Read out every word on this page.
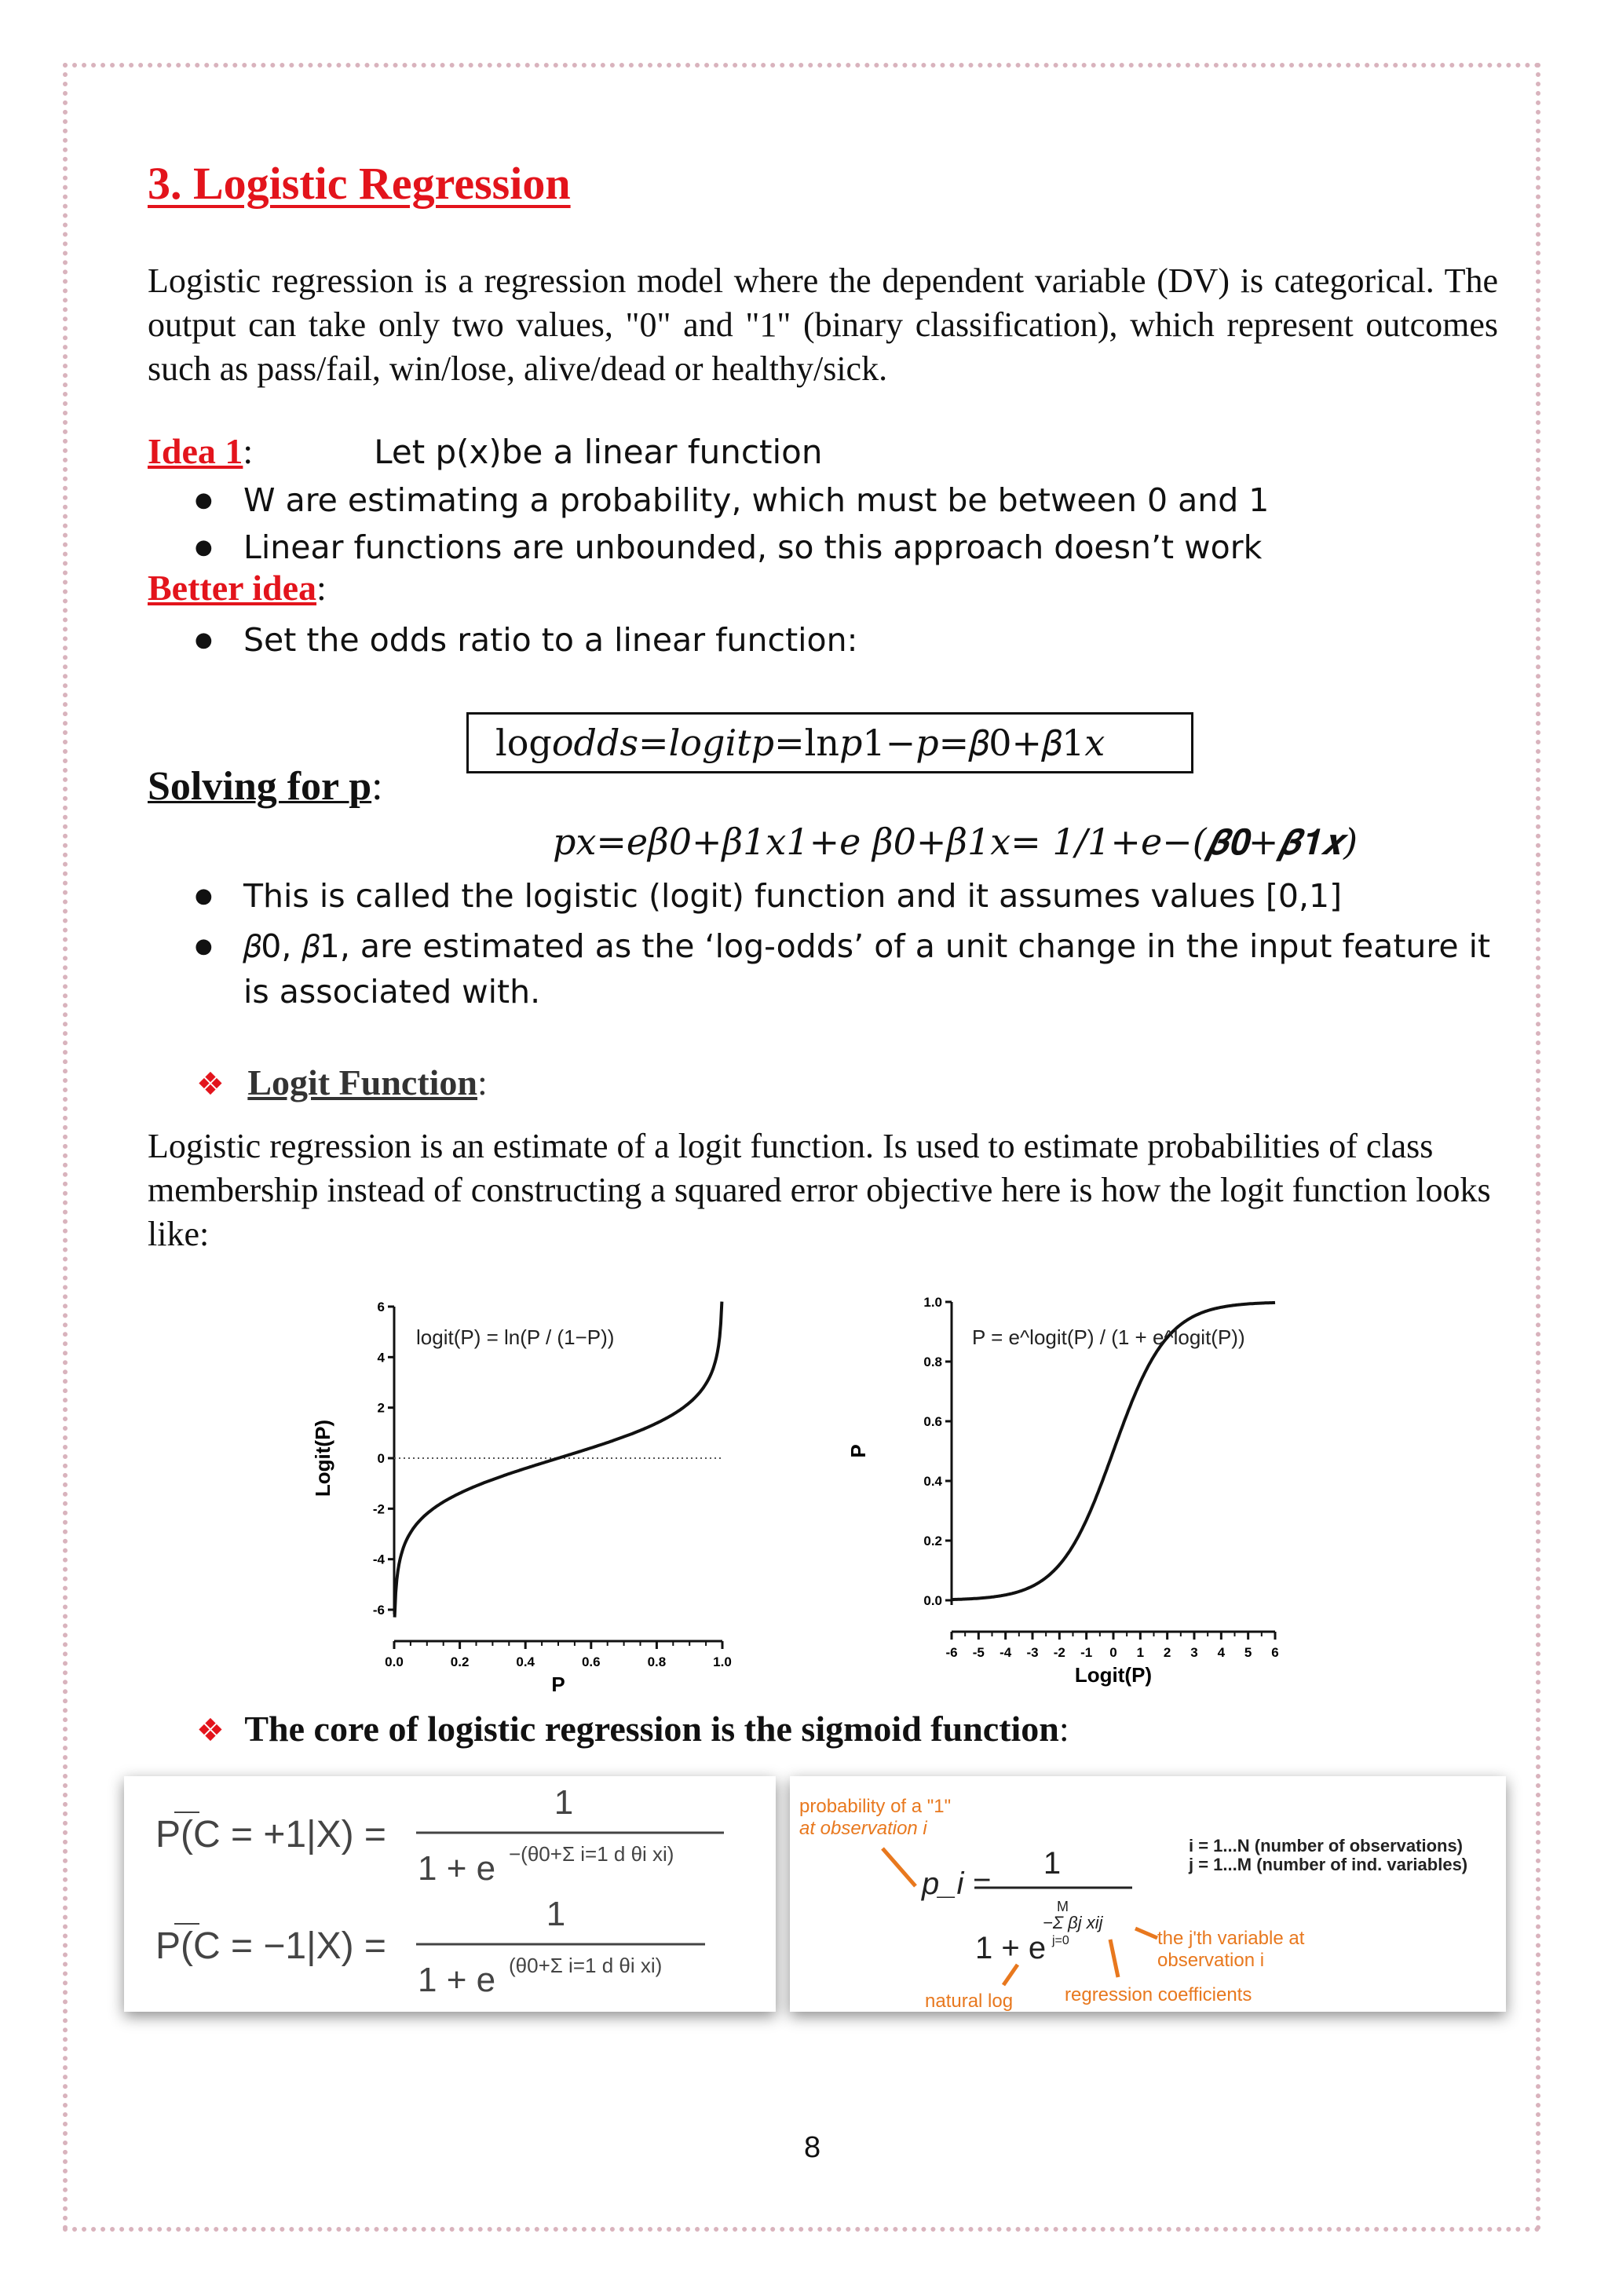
3. Logistic Regression
Logistic regression is a regression model where the dependent variable (DV) is categorical. The output can take only two values, "0" and "1" (binary classification), which represent outcomes such as pass/fail, win/lose, alive/dead or healthy/sick.
Idea 1:	Let p(x)be a linear function
● W are estimating a probability, which must be between 0 and 1
● Linear functions are unbounded, so this approach doesn’t work
Better idea:
● Set the odds ratio to a linear function:
log𝑜𝑑𝑑𝑠=𝑙𝑜𝑔𝑖𝑡𝑝=ln𝑝1−𝑝=𝛽0+𝛽1𝑥
Solving for p:
𝑝𝑥=𝑒𝛽0+𝛽1𝑥1+𝑒 𝛽0+𝛽1𝑥= 1/1+𝑒−(𝜷𝟎+𝜷𝟏𝒙)
● This is called the logistic (logit) function and it assumes values [0,1]
● 𝛽0, 𝛽1, are estimated as the ‘log-odds’ of a unit change in the input feature it is associated with.
❖ Logit Function:
Logistic regression is an estimate of a logit function. Is used to estimate probabilities of class membership instead of constructing a squared error objective here is how the logit function looks like:
6
4
2
0
-2
-4
-6
0.0	0.2	0.4	0.6	0.8	1.0
P
Logit(P)
logit(P) = ln(P / (1−P))
1.0
0.8
0.6
0.4
0.2
0.0
-6 -5 -4 -3 -2 -1 0 1 2 3 4 5 6
Logit(P)
P
P = e^logit(P) / (1 + e^logit(P))
❖ The core of logistic regression is the sigmoid function:
P(C = +1|X) =
1
1 + e −(θ0+Σ i=1 d θi xi)
P(C = −1|X) =
1
1 + e (θ0+Σ i=1 d θi xi)
probability of a "1"
at observation i
p_i =
1
1 + e
M
−Σ βj xij
j=0
i = 1...N (number of observations)
j = 1...M (number of ind. variables)
the j'th variable at
observation i
regression coefficients
natural log
8
